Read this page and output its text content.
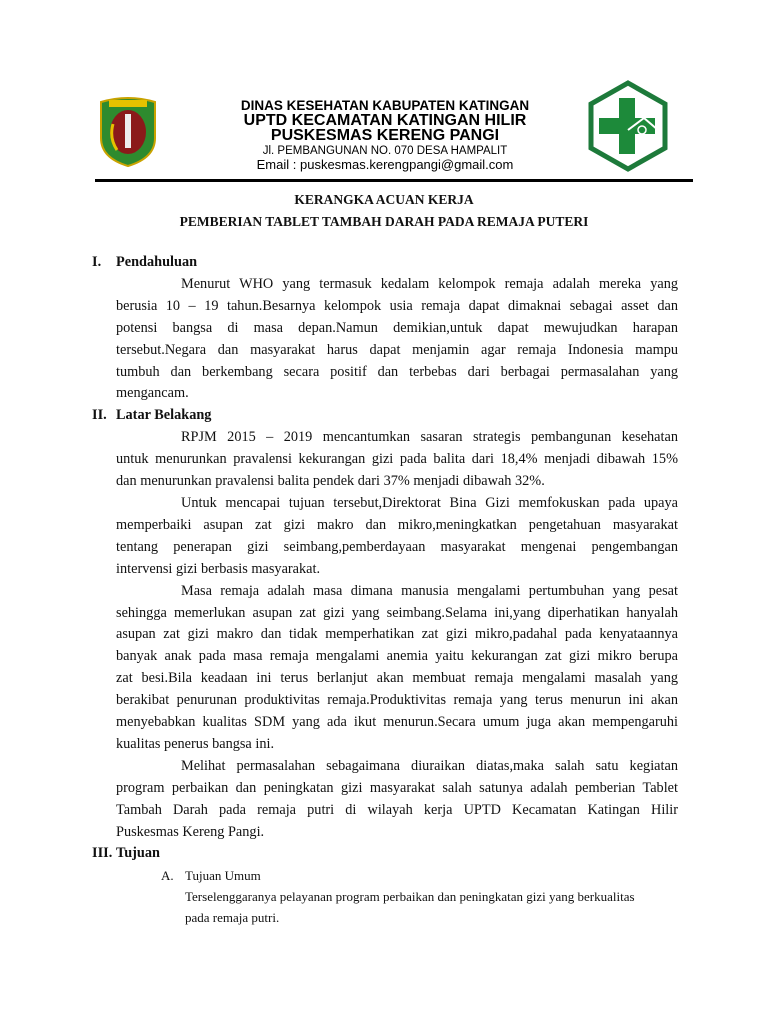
DINAS KESEHATAN KABUPATEN KATINGAN
UPTD KECAMATAN KATINGAN HILIR
PUSKESMAS KERENG PANGI
Jl. PEMBANGUNAN NO. 070 DESA HAMPALIT
Email : puskesmas.kerengpangi@gmail.com
KERANGKA ACUAN KERJA
PEMBERIAN TABLET TAMBAH DARAH PADA REMAJA PUTERI
I.	Pendahuluan
Menurut WHO yang termasuk kedalam kelompok remaja adalah mereka yang
berusia 10 – 19 tahun.Besarnya kelompok usia remaja dapat dimaknai sebagai asset dan
potensi bangsa di masa depan.Namun demikian,untuk dapat mewujudkan harapan
tersebut.Negara dan masyarakat harus dapat menjamin agar remaja Indonesia mampu
tumbuh dan berkembang secara positif dan terbebas dari berbagai permasalahan yang
mengancam.
II. Latar Belakang
RPJM 2015 – 2019 mencantumkan sasaran strategis pembangunan kesehatan
untuk menurunkan pravalensi kekurangan gizi pada balita dari 18,4% menjadi dibawah 15%
dan menurunkan pravalensi balita pendek dari 37% menjadi dibawah 32%.
Untuk mencapai tujuan tersebut,Direktorat Bina Gizi memfokuskan pada upaya
memperbaiki asupan zat gizi makro dan mikro,meningkatkan pengetahuan masyarakat
tentang penerapan gizi seimbang,pemberdayaan masyarakat mengenai pengembangan
intervensi gizi berbasis masyarakat.
Masa remaja adalah masa dimana manusia mengalami pertumbuhan yang pesat
sehingga memerlukan asupan zat gizi yang seimbang.Selama ini,yang diperhatikan hanyalah
asupan zat gizi makro dan tidak memperhatikan zat gizi mikro,padahal pada kenyataannya
banyak anak pada masa remaja mengalami anemia yaitu kekurangan zat gizi mikro berupa
zat besi.Bila keadaan ini terus berlanjut akan membuat remaja mengalami masalah yang
berakibat penurunan produktivitas remaja.Produktivitas remaja yang terus menurun ini akan
menyebabkan kualitas SDM yang ada ikut menurun.Secara umum juga akan mempengaruhi
kualitas penerus bangsa ini.
Melihat permasalahan sebagaimana diuraikan diatas,maka salah satu kegiatan
program perbaikan dan peningkatan gizi masyarakat salah satunya adalah pemberian Tablet
Tambah Darah pada remaja putri di wilayah kerja UPTD Kecamatan Katingan Hilir
Puskesmas Kereng Pangi.
III. Tujuan
A. Tujuan Umum
Terselenggaranya pelayanan program perbaikan dan peningkatan gizi yang berkualitas
pada remaja putri.
